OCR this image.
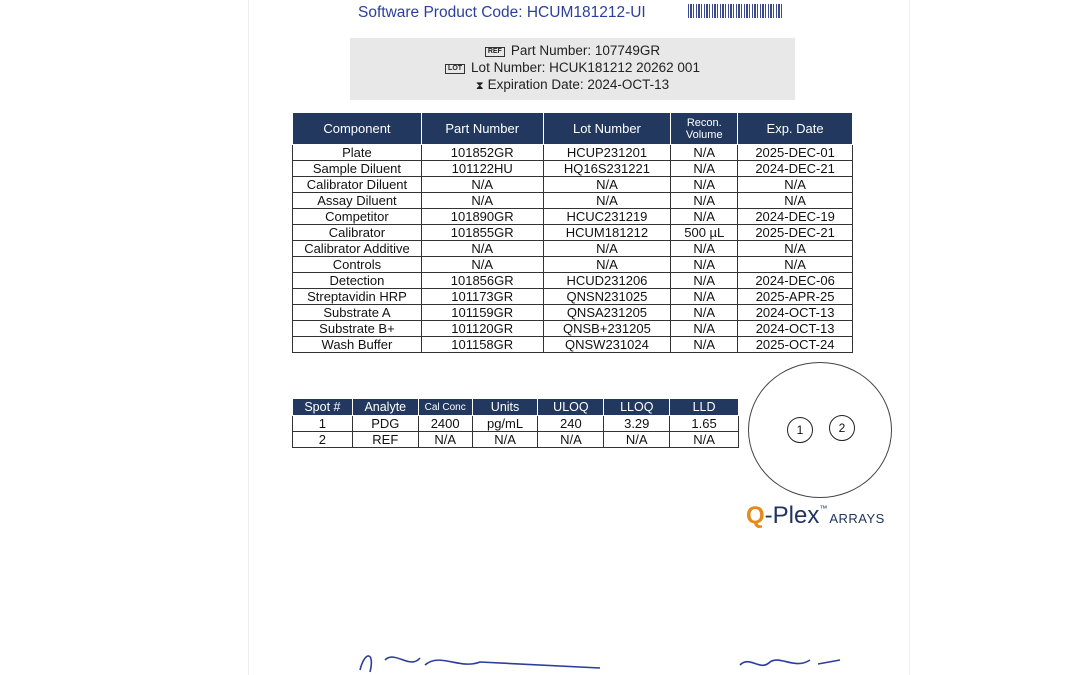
Software Product Code: HCUM181212-UI
REF Part Number: 107749GR
LOT Lot Number: HCUK181212 20262 001
⧗ Expiration Date: 2024-OCT-13
Component	Part Number	Lot Number	Recon. Volume	Exp. Date
Plate	101852GR	HCUP231201	N/A	2025-DEC-01
Sample Diluent	101122HU	HQ16S231221	N/A	2024-DEC-21
Calibrator Diluent	N/A	N/A	N/A	N/A
Assay Diluent	N/A	N/A	N/A	N/A
Competitor	101890GR	HCUC231219	N/A	2024-DEC-19
Calibrator	101855GR	HCUM181212	500 µL	2025-DEC-21
Calibrator Additive	N/A	N/A	N/A	N/A
Controls	N/A	N/A	N/A	N/A
Detection	101856GR	HCUD231206	N/A	2024-DEC-06
Streptavidin HRP	101173GR	QNSN231025	N/A	2025-APR-25
Substrate A	101159GR	QNSA231205	N/A	2024-OCT-13
Substrate B+	101120GR	QNSB+231205	N/A	2024-OCT-13
Wash Buffer	101158GR	QNSW231024	N/A	2025-OCT-24
Spot #	Analyte	Cal Conc	Units	ULOQ	LLOQ	LLD
1	PDG	2400	pg/mL	240	3.29	1.65
2	REF	N/A	N/A	N/A	N/A	N/A
1	2
Q-Plex™ARRAYS
